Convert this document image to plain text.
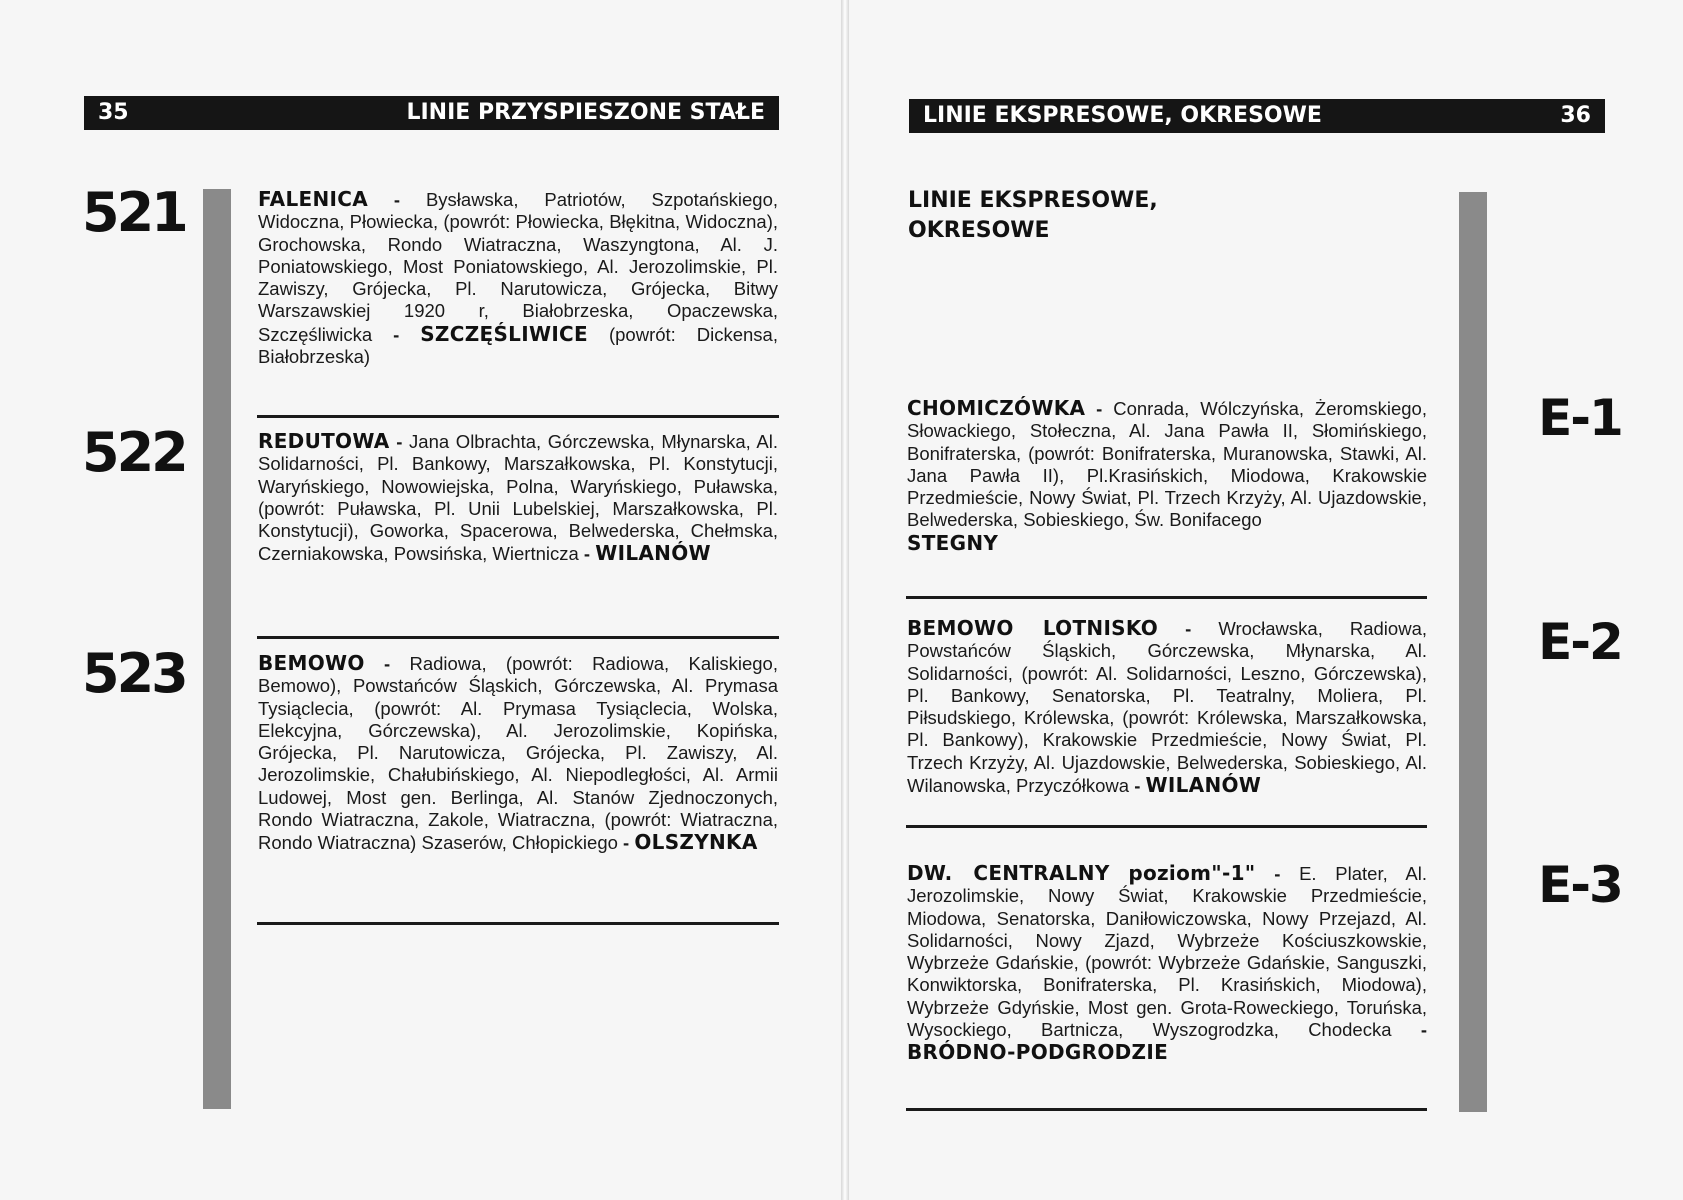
35	LINIE PRZYSPIESZONE STAŁE
521
522
523

FALENICA - Bysławska, Patriotów, Szpotańskiego, Widoczna, Płowiecka, (powrót: Płowiecka, Błękitna, Widoczna), Grochowska, Rondo Wiatraczna, Waszyngtona, Al. J. Poniatowskiego, Most Poniatowskiego, Al. Jerozolimskie, Pl. Zawiszy, Grójecka, Pl. Narutowicza, Grójecka, Bitwy Warszawskiej 1920 r, Białobrzeska, Opaczewska, Szczęśliwicka - SZCZĘŚLIWICE (powrót: Dickensa, Białobrzeska)

REDUTOWA - Jana Olbrachta, Górczewska, Młynarska, Al. Solidarności, Pl. Bankowy, Marszałkowska, Pl. Konstytucji, Waryńskiego, Nowowiejska, Polna, Waryńskiego, Puławska, (powrót: Puławska, Pl. Unii Lubelskiej, Marszałkowska, Pl. Konstytucji), Goworka, Spacerowa, Belwederska, Chełmska, Czerniakowska, Powsińska, Wiertnicza - WILANÓW

BEMOWO - Radiowa, (powrót: Radiowa, Kaliskiego, Bemowo), Powstańców Śląskich, Górczewska, Al. Prymasa Tysiąclecia, (powrót: Al. Prymasa Tysiąclecia, Wolska, Elekcyjna, Górczewska), Al. Jerozolimskie, Kopińska, Grójecka, Pl. Narutowicza, Grójecka, Pl. Zawiszy, Al. Jerozolimskie, Chałubińskiego, Al. Niepodległości, Al. Armii Ludowej, Most gen. Berlinga, Al. Stanów Zjednoczonych, Rondo Wiatraczna, Zakole, Wiatraczna, (powrót: Wiatraczna, Rondo Wiatraczna) Szaserów, Chłopickiego - OLSZYNKA

LINIE EKSPRESOWE, OKRESOWE	36
LINIE EKSPRESOWE,
OKRESOWE
E-1
E-2
E-3

CHOMICZÓWKA - Conrada, Wólczyńska, Żeromskiego, Słowackiego, Stołeczna, Al. Jana Pawła II, Słomińskiego, Bonifraterska, (powrót: Bonifraterska, Muranowska, Stawki, Al. Jana Pawła II), Pl.Krasińskich, Miodowa, Krakowskie Przedmieście, Nowy Świat, Pl. Trzech Krzyży, Al. Ujazdowskie, Belwederska, Sobieskiego, Św. Bonifacego
STEGNY

BEMOWO LOTNISKO - Wrocławska, Radiowa, Powstańców Śląskich, Górczewska, Młynarska, Al. Solidarności, (powrót: Al. Solidarności, Leszno, Górczewska), Pl. Bankowy, Senatorska, Pl. Teatralny, Moliera, Pl. Piłsudskiego, Królewska, (powrót: Królewska, Marszałkowska, Pl. Bankowy), Krakowskie Przedmieście, Nowy Świat, Pl. Trzech Krzyży, Al. Ujazdowskie, Belwederska, Sobieskiego, Al. Wilanowska, Przyczółkowa - WILANÓW

DW. CENTRALNY poziom"-1" - E. Plater, Al. Jerozolimskie, Nowy Świat, Krakowskie Przedmieście, Miodowa, Senatorska, Daniłowiczowska, Nowy Przejazd, Al. Solidarności, Nowy Zjazd, Wybrzeże Kościuszkowskie, Wybrzeże Gdańskie, (powrót: Wybrzeże Gdańskie, Sanguszki, Konwiktorska, Bonifraterska, Pl. Krasińskich, Miodowa), Wybrzeże Gdyńskie, Most gen. Grota-Roweckiego, Toruńska, Wysockiego, Bartnicza, Wyszogrodzka, Chodecka - BRÓDNO-PODGRODZIE
